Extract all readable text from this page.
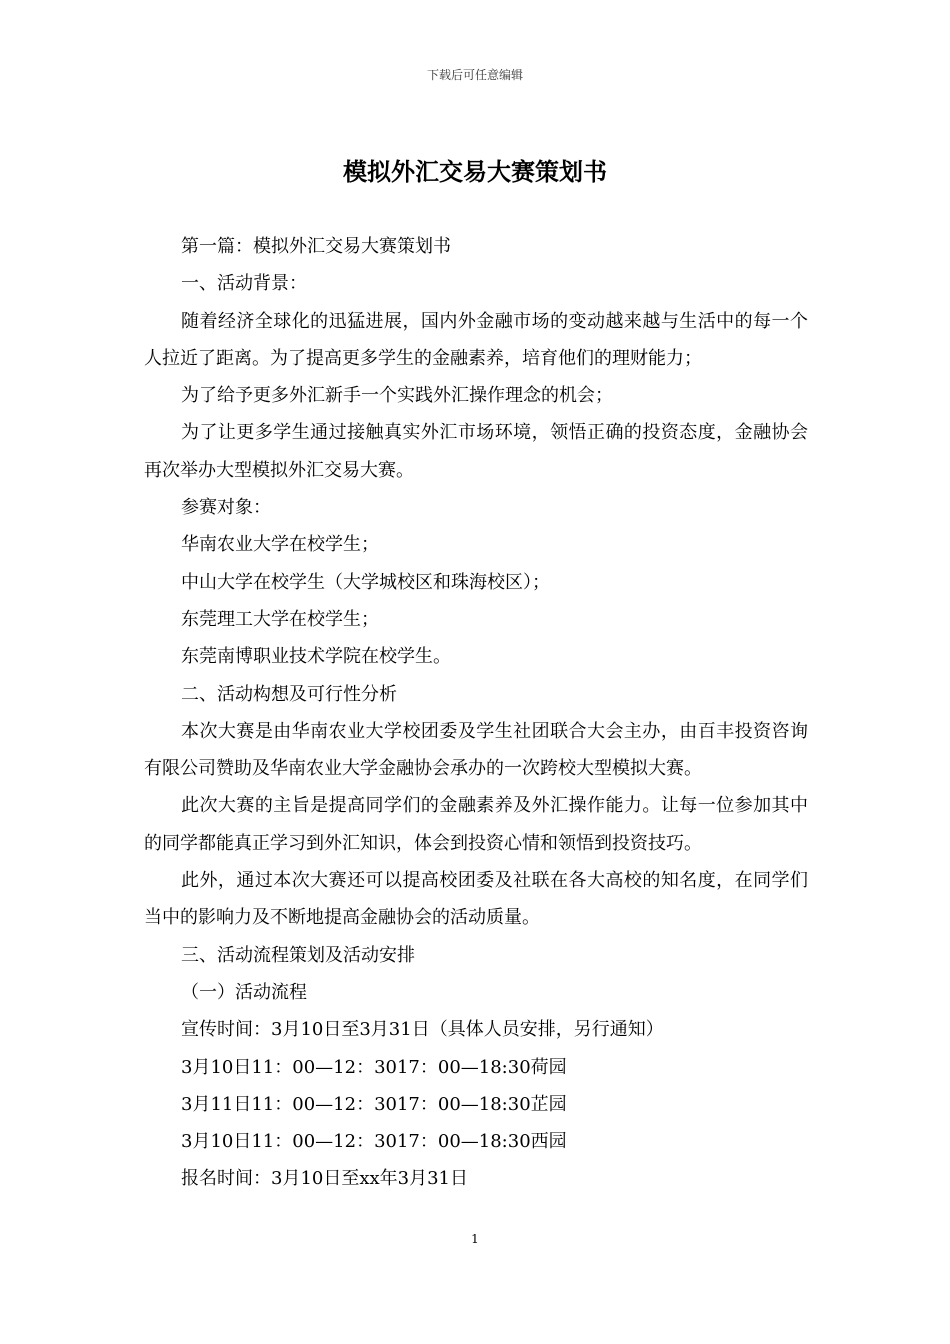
下载后可任意编辑
模拟外汇交易大赛策划书

第一篇：模拟外汇交易大赛策划书

一、活动背景：

随着经济全球化的迅猛进展，国内外金融市场的变动越来越与生活中的每一个人拉近了距离。为了提高更多学生的金融素养，培育他们的理财能力；

为了给予更多外汇新手一个实践外汇操作理念的机会；

为了让更多学生通过接触真实外汇市场环境，领悟正确的投资态度，金融协会再次举办大型模拟外汇交易大赛。

参赛对象：

华南农业大学在校学生；

中山大学在校学生（大学城校区和珠海校区）；

东莞理工大学在校学生；

东莞南博职业技术学院在校学生。

二、活动构想及可行性分析

本次大赛是由华南农业大学校团委及学生社团联合大会主办，由百丰投资咨询有限公司赞助及华南农业大学金融协会承办的一次跨校大型模拟大赛。

此次大赛的主旨是提高同学们的金融素养及外汇操作能力。让每一位参加其中的同学都能真正学习到外汇知识，体会到投资心情和领悟到投资技巧。

此外，通过本次大赛还可以提高校团委及社联在各大高校的知名度，在同学们当中的影响力及不断地提高金融协会的活动质量。

三、活动流程策划及活动安排

（一）活动流程

宣传时间：3月10日至3月31日（具体人员安排，另行通知）

3月10日11：00—12：3017：00—18:30荷园

3月11日11：00—12：3017：00—18:30芷园

3月10日11：00—12：3017：00—18:30西园

报名时间：3月10日至xx年3月31日

1
